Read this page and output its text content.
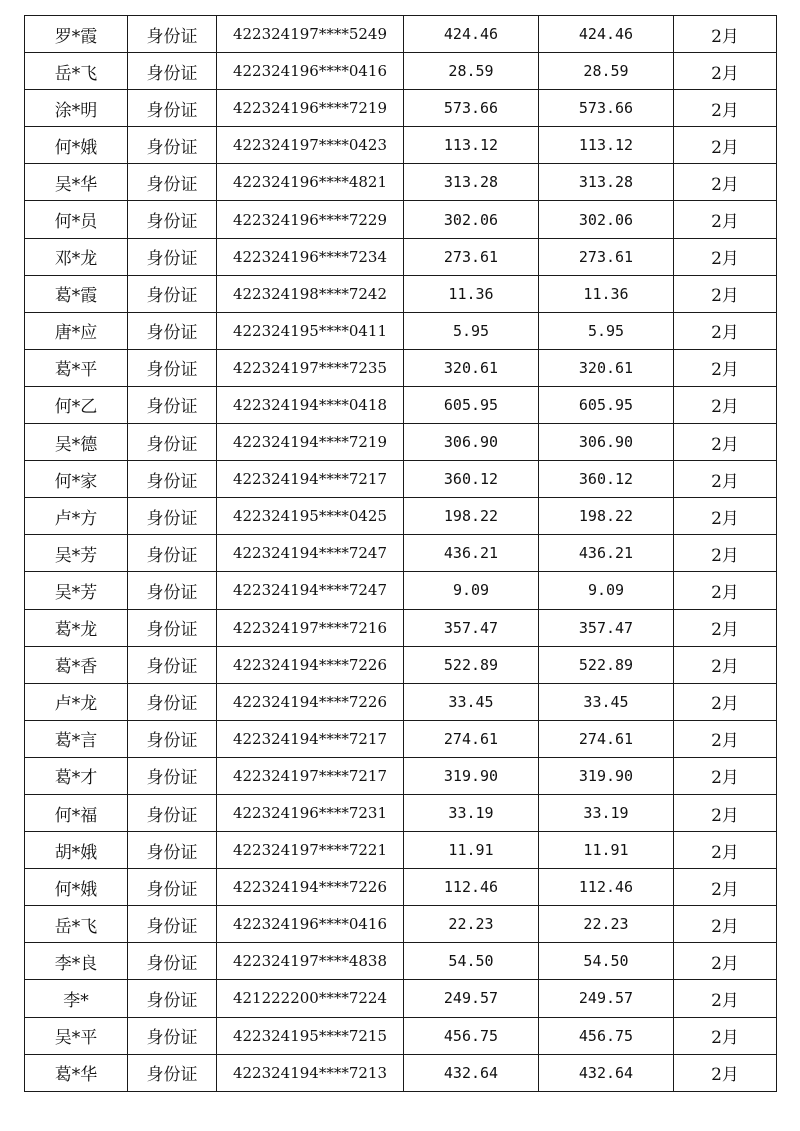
罗*霞	身份证	422324197****5249	424.46	424.46	2月
岳*飞	身份证	422324196****0416	28.59	28.59	2月
涂*明	身份证	422324196****7219	573.66	573.66	2月
何*娥	身份证	422324197****0423	113.12	113.12	2月
吴*华	身份证	422324196****4821	313.28	313.28	2月
何*员	身份证	422324196****7229	302.06	302.06	2月
邓*龙	身份证	422324196****7234	273.61	273.61	2月
葛*霞	身份证	422324198****7242	11.36	11.36	2月
唐*应	身份证	422324195****0411	5.95	5.95	2月
葛*平	身份证	422324197****7235	320.61	320.61	2月
何*乙	身份证	422324194****0418	605.95	605.95	2月
吴*德	身份证	422324194****7219	306.90	306.90	2月
何*家	身份证	422324194****7217	360.12	360.12	2月
卢*方	身份证	422324195****0425	198.22	198.22	2月
吴*芳	身份证	422324194****7247	436.21	436.21	2月
吴*芳	身份证	422324194****7247	9.09	9.09	2月
葛*龙	身份证	422324197****7216	357.47	357.47	2月
葛*香	身份证	422324194****7226	522.89	522.89	2月
卢*龙	身份证	422324194****7226	33.45	33.45	2月
葛*言	身份证	422324194****7217	274.61	274.61	2月
葛*才	身份证	422324197****7217	319.90	319.90	2月
何*福	身份证	422324196****7231	33.19	33.19	2月
胡*娥	身份证	422324197****7221	11.91	11.91	2月
何*娥	身份证	422324194****7226	112.46	112.46	2月
岳*飞	身份证	422324196****0416	22.23	22.23	2月
李*良	身份证	422324197****4838	54.50	54.50	2月
李*	身份证	421222200****7224	249.57	249.57	2月
吴*平	身份证	422324195****7215	456.75	456.75	2月
葛*华	身份证	422324194****7213	432.64	432.64	2月
